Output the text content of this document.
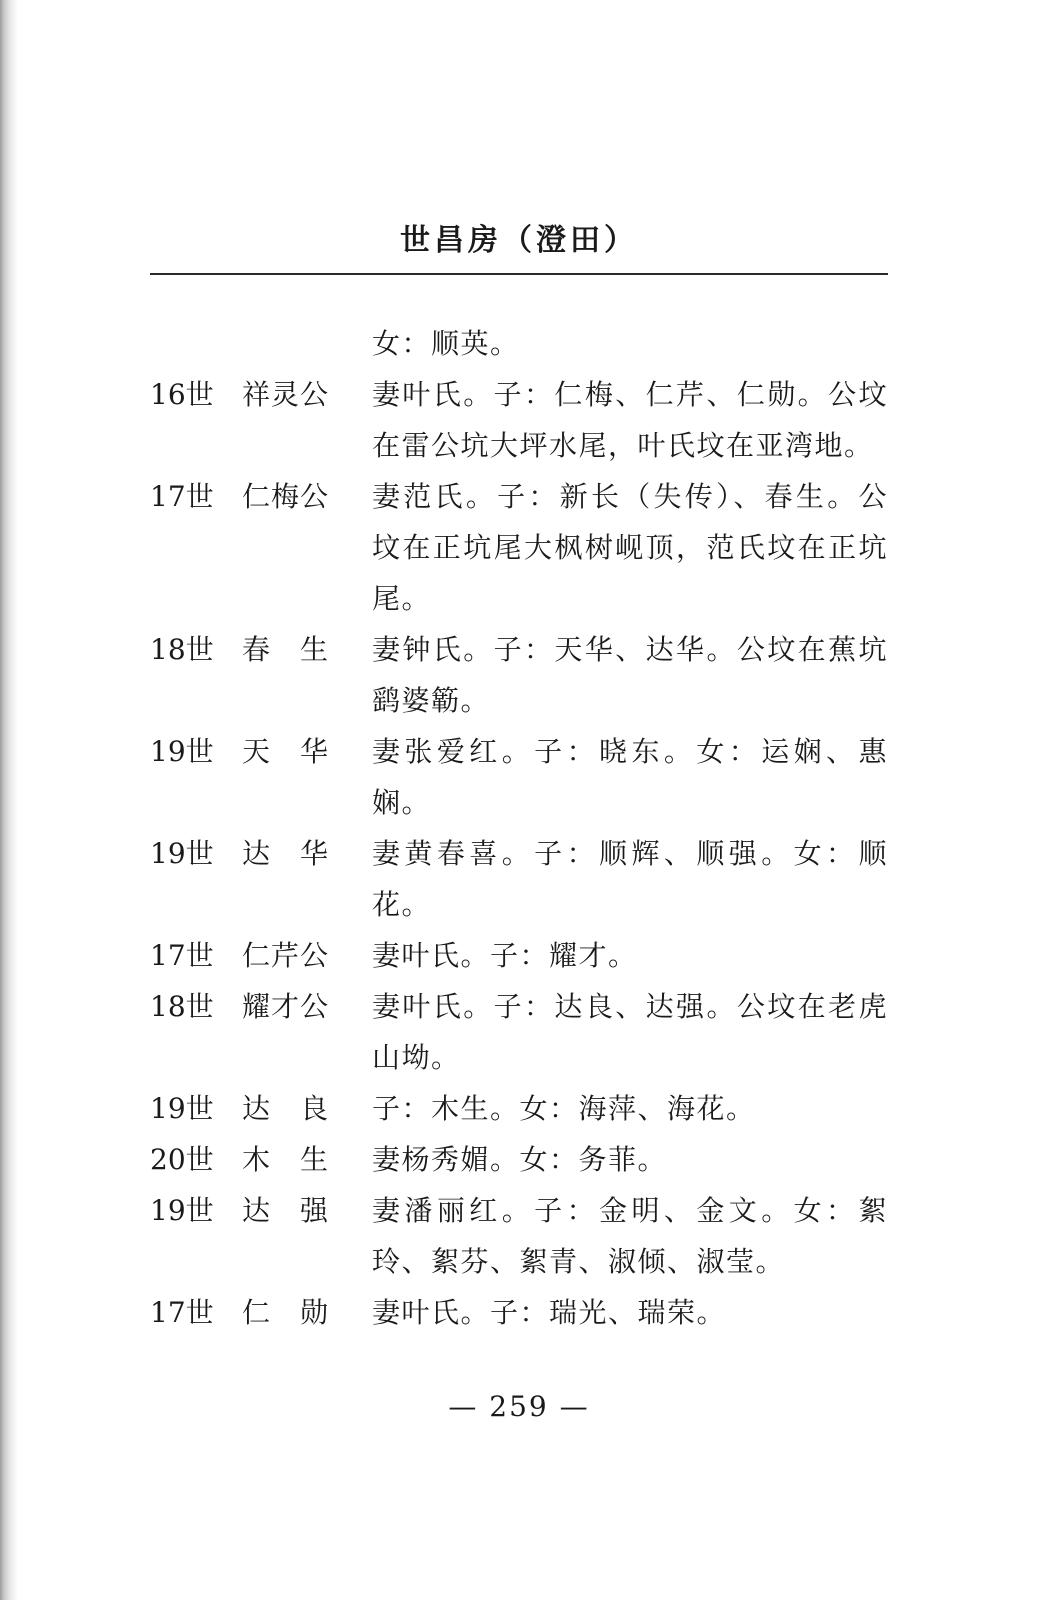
世昌房（澄田）
女：顺英。
16世	祥灵公	妻叶氏。子：仁梅、仁芹、仁勋。公坟在雷公坑大坪水尾，叶氏坟在亚湾地。
17世	仁梅公	妻范氏。子：新长（失传）、春生。公坟在正坑尾大枫树岘顶，范氏坟在正坑尾。
18世	春　生	妻钟氏。子：天华、达华。公坟在蕉坑鹞婆簕。
19世	天　华	妻张爱红。子：晓东。女：运娴、惠娴。
19世	达　华	妻黄春喜。子：顺辉、顺强。女：顺花。
17世	仁芹公	妻叶氏。子：耀才。
18世	耀才公	妻叶氏。子：达良、达强。公坟在老虎山坳。
19世	达　良	子：木生。女：海萍、海花。
20世	木　生	妻杨秀媚。女：务菲。
19世	达　强	妻潘丽红。子：金明、金文。女：絮玲、絮芬、絮青、淑倾、淑莹。
17世	仁　勋	妻叶氏。子：瑞光、瑞荣。
— 259 —
